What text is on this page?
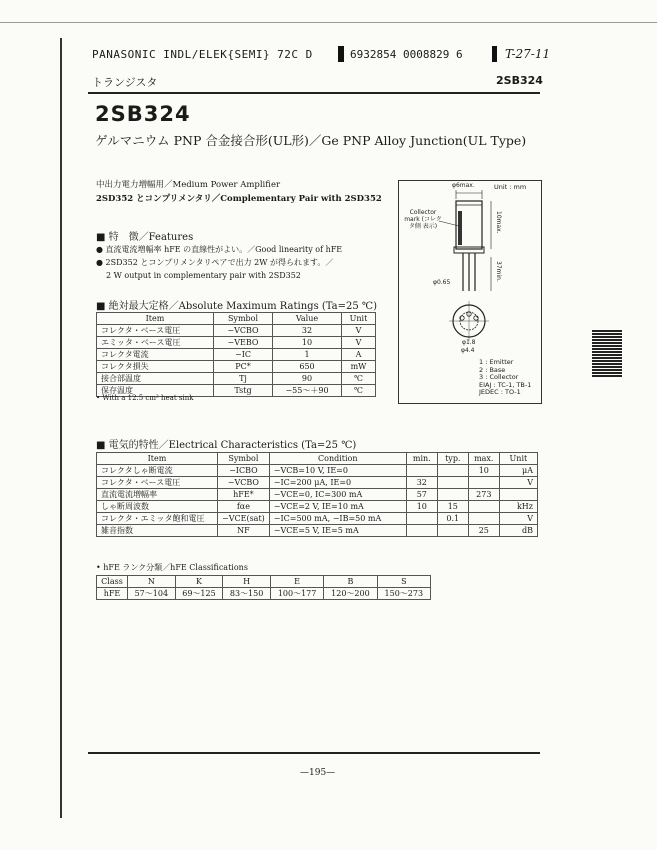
PANASONIC INDL/ELEK{SEMI} 72C D	6932854 0008829 6	T-27-11
トランジスタ	2SB324
2SB324
ゲルマニウム PNP 合金接合形(UL形)／Ge PNP Alloy Junction(UL Type)
中出力電力増幅用／Medium Power Amplifier
2SD352 とコンプリメンタリ／Complementary Pair with 2SD352
■ 特　徴／Features
● 直流電流増幅率 hFE の直線性がよい。／Good linearity of hFE
● 2SD352 とコンプリメンタリペアで出力 2W が得られます。／
2 W output in complementary pair with 2SD352
■ 絶対最大定格／Absolute Maximum Ratings (Ta=25 ℃)
Item	Symbol	Value	Unit
コレクタ・ベース電圧	−VCBO	32	V
エミッタ・ベース電圧	−VEBO	10	V
コレクタ電流	−IC	1	A
コレクタ損失	PC*	650	mW
接合部温度	Tj	90	℃
保存温度	Tstg	−55～＋90	℃
• With a 12.5 cm² heat sink
Unit : mm
φ6max.
Collector mark (コレクタ側 表示)	10max.
37min.
φ0.65
φ1.8
φ4.4
1 : Emitter
2 : Base
3 : Collector
EIAJ : TC-1, TB-1
JEDEC : TO-1
■ 電気的特性／Electrical Characteristics (Ta=25 ℃)
Item	Symbol	Condition	min.	typ.	max.	Unit
コレクタしゃ断電流	−ICBO	−VCB=10 V, IE=0			10	μA
コレクタ・ベース電圧	−VCBO	−IC=200 μA, IE=0	32			V
直流電流増幅率	hFE*	−VCE=0, IC=300 mA	57		273	
しゃ断周波数	fαe	−VCE=2 V, IE=10 mA	10	15		kHz
コレクタ・エミッタ飽和電圧	−VCE(sat)	−IC=500 mA, −IB=50 mA		0.1		V
雑音指数	NF	−VCE=5 V, IE=5 mA			25	dB
• hFE ランク分類／hFE Classifications
Class	N	K	H	E	B	S
hFE	57～104	69～125	83～150	100～177	120～200	150～273
—195—
